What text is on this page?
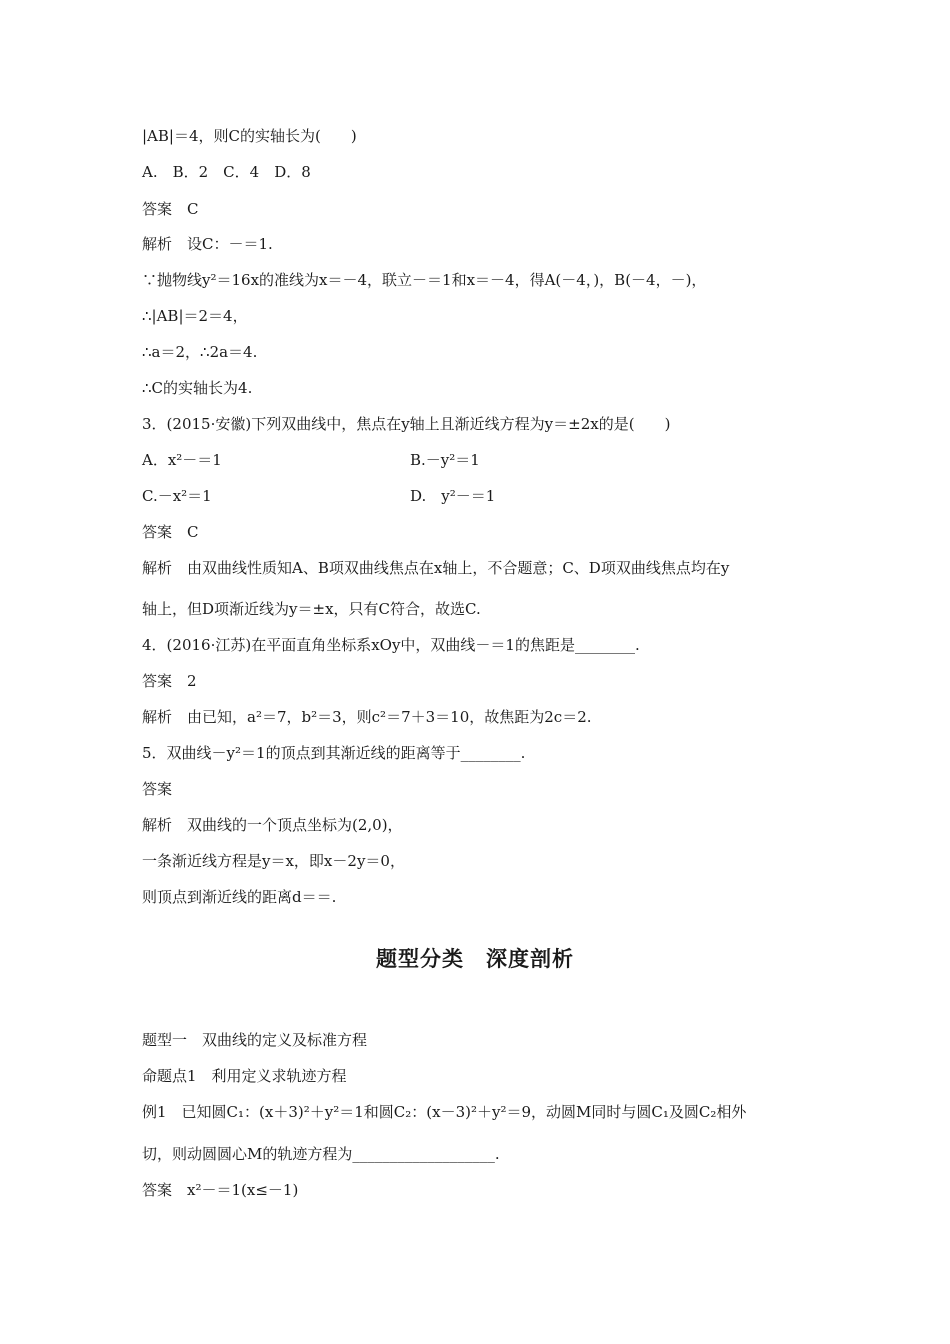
|AB|＝4，则C的实轴长为(　　)
A.　B．2　C．4　D．8
答案　C
解析　设C：－＝1.
∵抛物线y²＝16x的准线为x＝－4，联立－＝1和x＝－4，得A(－4，)，B(－4，－)，
∴|AB|＝2＝4，
∴a＝2，∴2a＝4.
∴C的实轴长为4.
3．(2015·安徽)下列双曲线中，焦点在y轴上且渐近线方程为y＝±2x的是(　　)
A．x²－＝1	B.－y²＝1
C.－x²＝1	D.　y²－＝1
答案　C
解析　由双曲线性质知A、B项双曲线焦点在x轴上，不合题意；C、D项双曲线焦点均在y
轴上，但D项渐近线为y＝±x，只有C符合，故选C.
4．(2016·江苏)在平面直角坐标系xOy中，双曲线－＝1的焦距是________.
答案　2
解析　由已知，a²＝7，b²＝3，则c²＝7＋3＝10，故焦距为2c＝2.
5．双曲线－y²＝1的顶点到其渐近线的距离等于________.
答案
解析　双曲线的一个顶点坐标为(2,0)，
一条渐近线方程是y＝x，即x－2y＝0，
则顶点到渐近线的距离d＝＝.
题型分类　深度剖析
题型一　双曲线的定义及标准方程
命题点1　利用定义求轨迹方程
例1　已知圆C₁：(x＋3)²＋y²＝1和圆C₂：(x－3)²＋y²＝9，动圆M同时与圆C₁及圆C₂相外
切，则动圆圆心M的轨迹方程为___________________.
答案　x²－＝1(x≤－1)
